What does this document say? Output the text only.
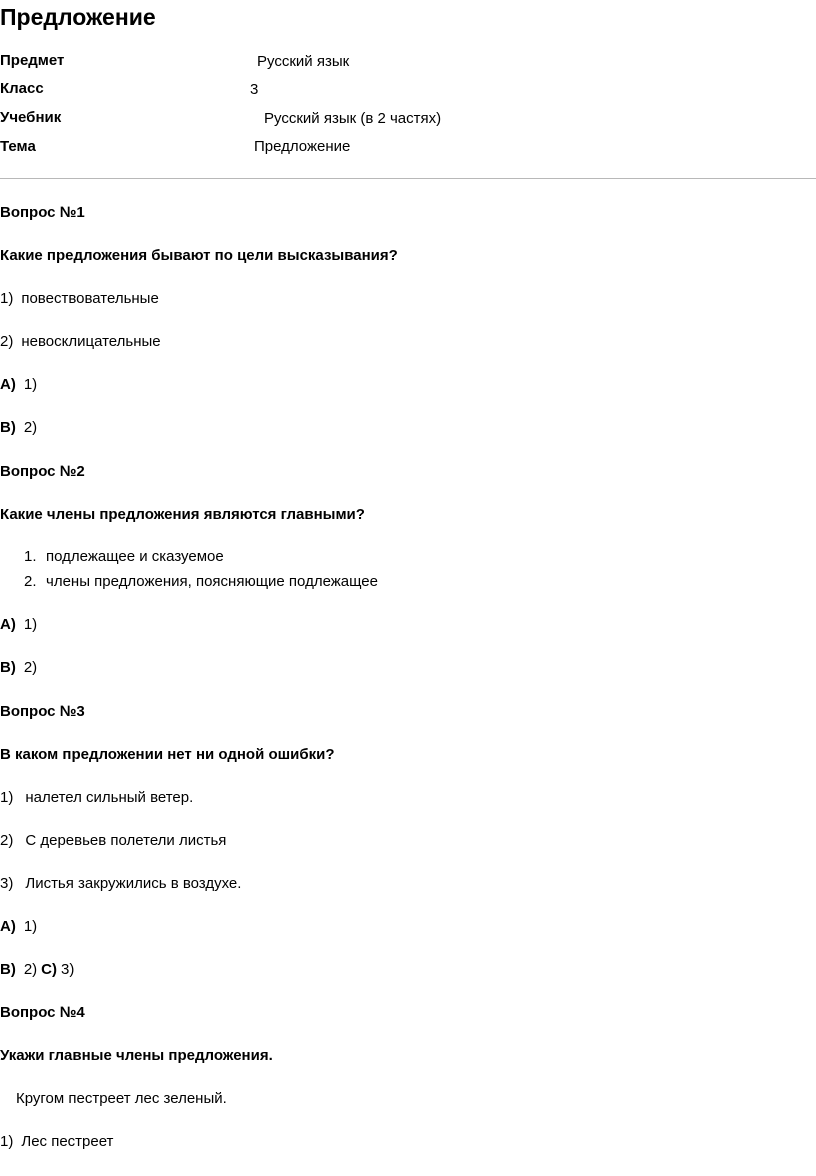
Предложение
Предмет	Русский язык
Класс	3
Учебник	Русский язык (в 2 частях)
Тема	Предложение
Вопрос №1
Какие предложения бывают по цели высказывания?
1) повествовательные
2) невосклицательные
A) 1)
B) 2)
Вопрос №2
Какие члены предложения являются главными?
1. подлежащее и сказуемое
2. члены предложения, поясняющие подлежащее
A) 1)
B) 2)
Вопрос №3
В каком предложении нет ни одной ошибки?
1) налетел сильный ветер.
2) С деревьев полетели листья
3) Листья закружились в воздухе.
A) 1)
B) 2) C) 3)
Вопрос №4
Укажи главные члены предложения.
Кругом пестреет лес зеленый.
1) Лес пестреет
